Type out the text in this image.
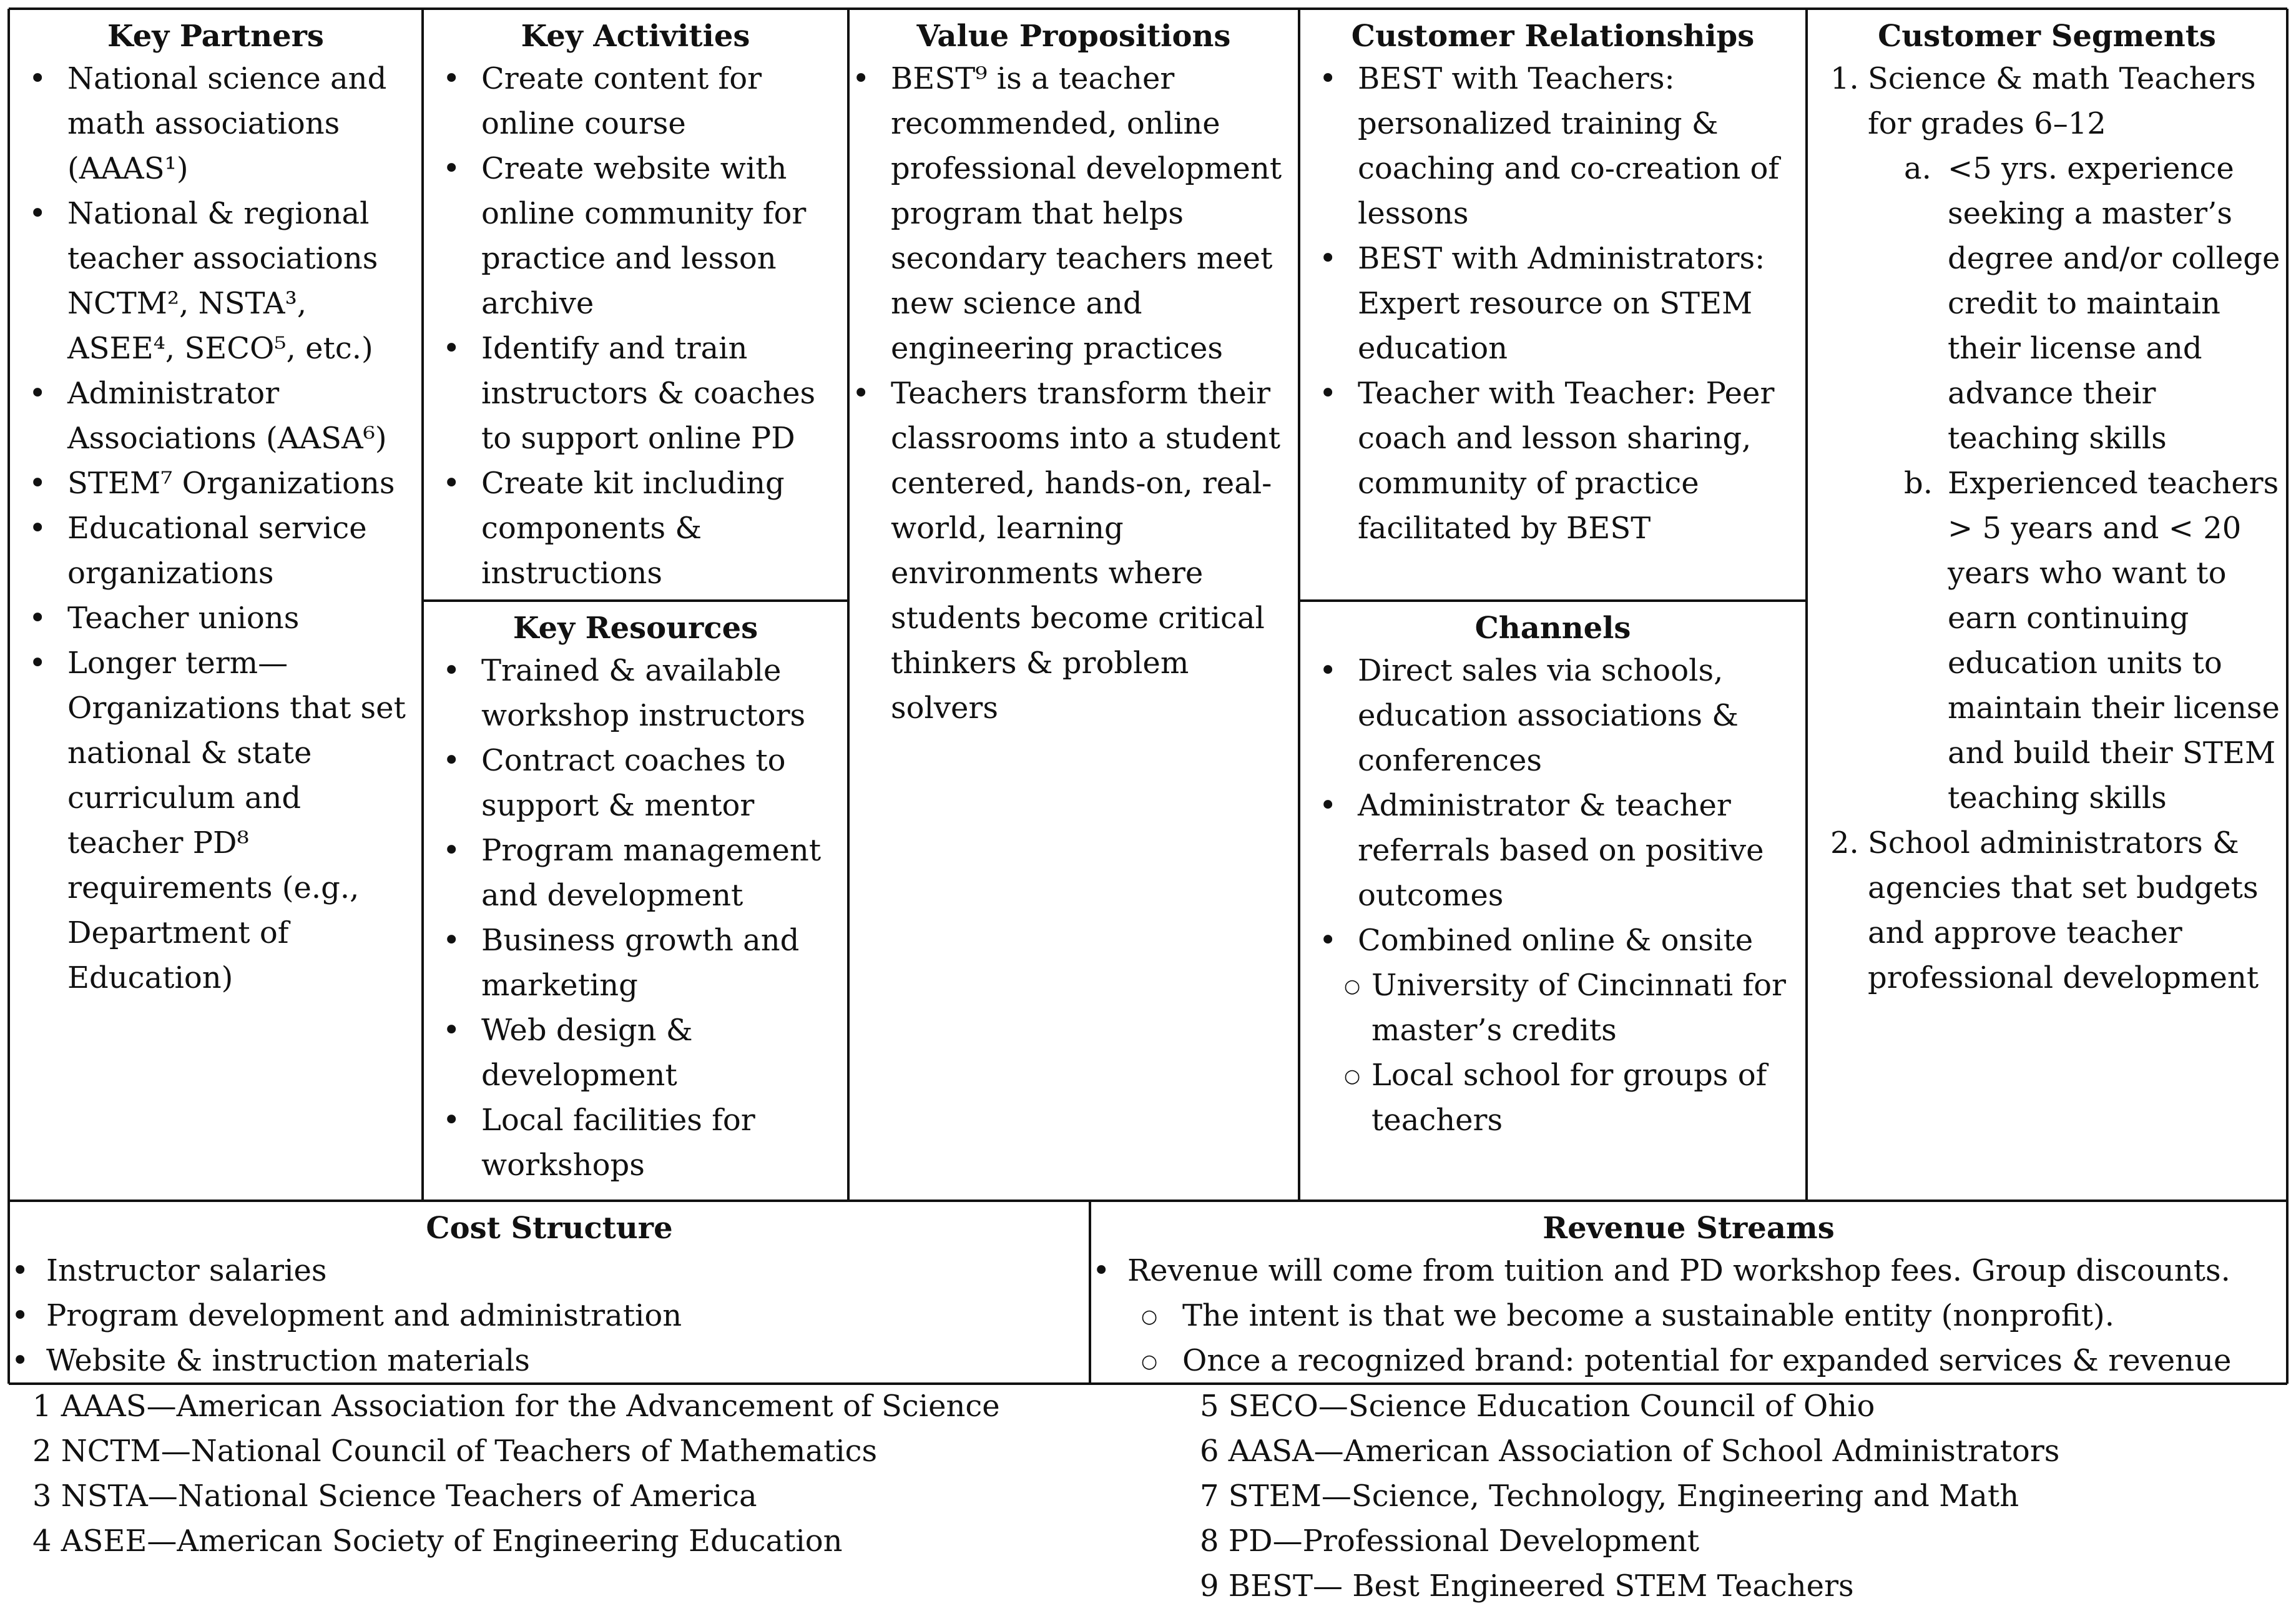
Key Partners
• National science and math associations (AAAS¹)
• National & regional teacher associations NCTM², NSTA³, ASEE⁴, SECO⁵, etc.)
• Administrator Associations (AASA⁶)
• STEM⁷ Organizations
• Educational service organizations
• Teacher unions
• Longer term—Organizations that set national & state curriculum and teacher PD⁸ requirements (e.g., Department of Education)
Key Activities
• Create content for online course
• Create website with online community for practice and lesson archive
• Identify and train instructors & coaches to support online PD
• Create kit including components & instructions
Key Resources
• Trained & available workshop instructors
• Contract coaches to support & mentor
• Program management and development
• Business growth and marketing
• Web design & development
• Local facilities for workshops
Value Propositions
• BEST⁹ is a teacher recommended, online professional development program that helps secondary teachers meet new science and engineering practices
• Teachers transform their classrooms into a student centered, hands-on, real-world, learning environments where students become critical thinkers & problem solvers
Customer Relationships
• BEST with Teachers: personalized training & coaching and co-creation of lessons
• BEST with Administrators: Expert resource on STEM education
• Teacher with Teacher: Peer coach and lesson sharing, community of practice facilitated by BEST
Channels
• Direct sales via schools, education associations & conferences
• Administrator & teacher referrals based on positive outcomes
• Combined online & onsite
○ University of Cincinnati for master’s credits
○ Local school for groups of teachers
Customer Segments
1. Science & math Teachers for grades 6–12
a. <5 yrs. experience seeking a master’s degree and/or college credit to maintain their license and advance their teaching skills
b. Experienced teachers > 5 years and < 20 years who want to earn continuing education units to maintain their license and build their STEM teaching skills
2. School administrators & agencies that set budgets and approve teacher professional development
Cost Structure
• Instructor salaries
• Program development and administration
• Website & instruction materials
Revenue Streams
• Revenue will come from tuition and PD workshop fees. Group discounts.
○ The intent is that we become a sustainable entity (nonprofit).
○ Once a recognized brand: potential for expanded services & revenue
1 AAAS—American Association for the Advancement of Science
2 NCTM—National Council of Teachers of Mathematics
3 NSTA—National Science Teachers of America
4 ASEE—American Society of Engineering Education
5 SECO—Science Education Council of Ohio
6 AASA—American Association of School Administrators
7 STEM—Science, Technology, Engineering and Math
8 PD—Professional Development
9 BEST— Best Engineered STEM Teachers
